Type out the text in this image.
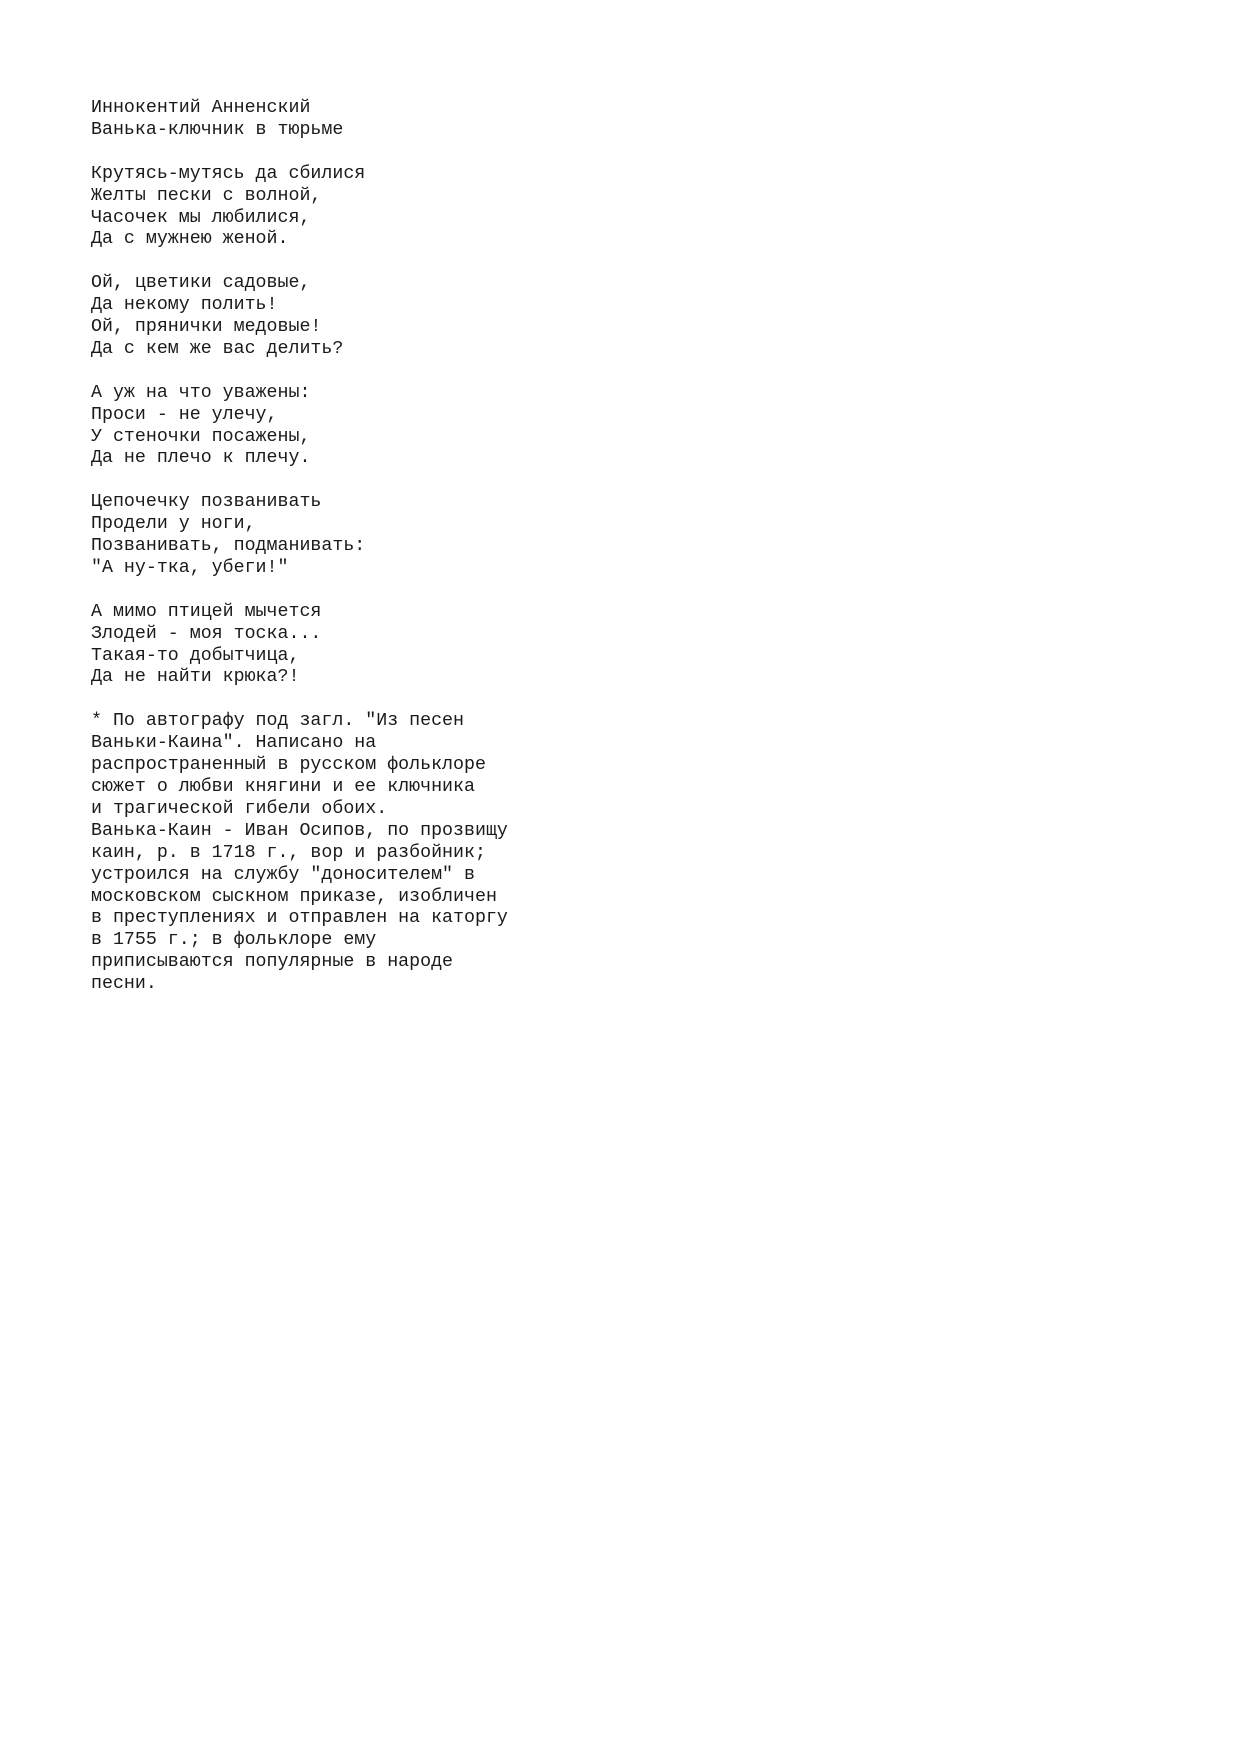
Иннокентий Анненский
Ванька-ключник в тюрьме
Крутясь-мутясь да сбилися
Желты пески с волной,
Часочек мы любилися,
Да с мужнею женой.
Ой, цветики садовые,
Да некому полить!
Ой, прянички медовые!
Да с кем же вас делить?
А уж на что уважены:
Проси - не улечу,
У стеночки посажены,
Да не плечо к плечу.
Цепочечку позванивать
Продели у ноги,
Позванивать, подманивать:
"А ну-тка, убеги!"
А мимо птицей мычется
Злодей - моя тоска...
Такая-то добытчица,
Да не найти крюка?!
* По автографу под загл. "Из песен
Ваньки-Каина". Написано на
распространенный в русском фольклоре
сюжет о любви княгини и ее ключника
и трагической гибели обоих.
Ванька-Каин - Иван Осипов, по прозвищу
каин, р. в 1718 г., вор и разбойник;
устроился на службу "доносителем" в
московском сыскном приказе, изобличен
в преступлениях и отправлен на каторгу
в 1755 г.; в фольклоре ему
приписываются популярные в народе
песни.
